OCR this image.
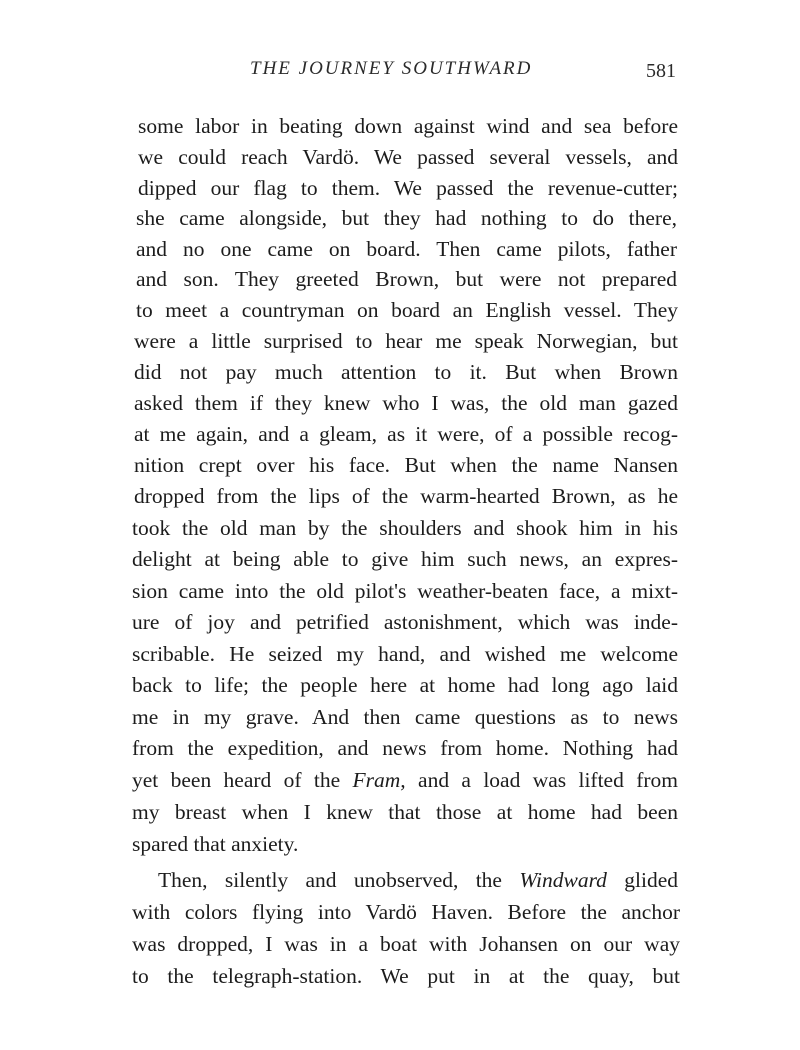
THE JOURNEY SOUTHWARD	581
some labor in beating down against wind and sea before
we could reach Vardö. We passed several vessels, and
dipped our flag to them. We passed the revenue-cutter;
she came alongside, but they had nothing to do there,
and no one came on board. Then came pilots, father
and son. They greeted Brown, but were not prepared
to meet a countryman on board an English vessel. They
were a little surprised to hear me speak Norwegian, but
did not pay much attention to it. But when Brown
asked them if they knew who I was, the old man gazed
at me again, and a gleam, as it were, of a possible recog-
nition crept over his face. But when the name Nansen
dropped from the lips of the warm-hearted Brown, as he
took the old man by the shoulders and shook him in his
delight at being able to give him such news, an expres-
sion came into the old pilot's weather-beaten face, a mixt-
ure of joy and petrified astonishment, which was inde-
scribable. He seized my hand, and wished me welcome
back to life; the people here at home had long ago laid
me in my grave. And then came questions as to news
from the expedition, and news from home. Nothing had
yet been heard of the Fram, and a load was lifted from
my breast when I knew that those at home had been
spared that anxiety.
Then, silently and unobserved, the Windward glided
with colors flying into Vardö Haven. Before the anchor
was dropped, I was in a boat with Johansen on our way
to the telegraph-station. We put in at the quay, but
